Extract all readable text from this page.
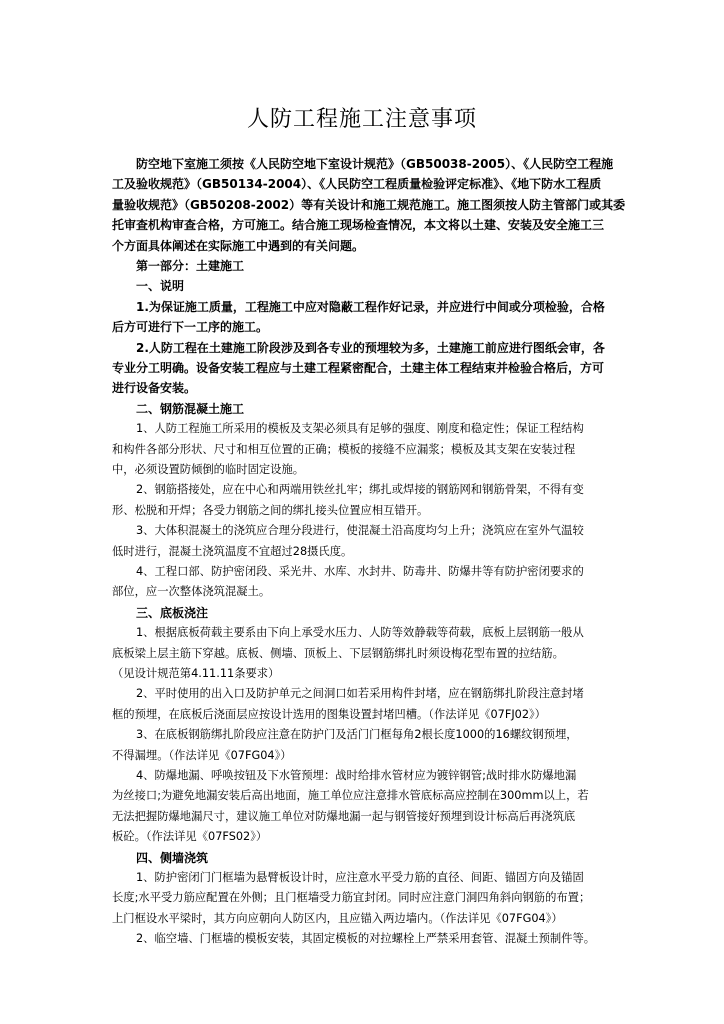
人防工程施工注意事项
防空地下室施工须按《人民防空地下室设计规范》（GB50038-2005）、《人民防空工程施
工及验收规范》（GB50134-2004）、《人民防空工程质量检验评定标准》、《地下防水工程质
量验收规范》（GB50208-2002）等有关设计和施工规范施工。施工图须按人防主管部门或其委
托审查机构审查合格，方可施工。结合施工现场检查情况，本文将以土建、安装及安全施工三
个方面具体阐述在实际施工中遇到的有关问题。
第一部分：土建施工
一、说明
1.为保证施工质量，工程施工中应对隐蔽工程作好记录，并应进行中间或分项检验，合格
后方可进行下一工序的施工。
2.人防工程在土建施工阶段涉及到各专业的预埋较为多，土建施工前应进行图纸会审，各
专业分工明确。设备安装工程应与土建工程紧密配合，土建主体工程结束并检验合格后，方可
进行设备安装。
二、钢筋混凝土施工
1、人防工程施工所采用的模板及支架必须具有足够的强度、刚度和稳定性；保证工程结构
和构件各部分形状、尺寸和相互位置的正确；模板的接缝不应漏浆；模板及其支架在安装过程
中，必须设置防倾倒的临时固定设施。
2、钢筋搭接处，应在中心和两端用铁丝扎牢；绑扎或焊接的钢筋网和钢筋骨架，不得有变
形、松脱和开焊；各受力钢筋之间的绑扎接头位置应相互错开。
3、大体积混凝土的浇筑应合理分段进行，使混凝土沿高度均匀上升；浇筑应在室外气温较
低时进行，混凝土浇筑温度不宜超过28摄氏度。
4、工程口部、防护密闭段、采光井、水库、水封井、防毒井、防爆井等有防护密闭要求的
部位，应一次整体浇筑混凝土。
三、底板浇注
1、根据底板荷载主要系由下向上承受水压力、人防等效静载等荷载，底板上层钢筋一般从
底板梁上层主筋下穿越。底板、侧墙、顶板上、下层钢筋绑扎时须设梅花型布置的拉结筋。
（见设计规范第4.11.11条要求）
2、平时使用的出入口及防护单元之间洞口如若采用构件封堵，应在钢筋绑扎阶段注意封堵
框的预埋，在底板后浇面层应按设计选用的图集设置封堵凹槽。（作法详见《07FJ02》）
3、在底板钢筋绑扎阶段应注意在防护门及活门门框每角2根长度1000的16螺纹钢预埋，
不得漏埋。（作法详见《07FG04》）
4、防爆地漏、呼唤按钮及下水管预埋：战时给排水管材应为镀锌钢管;战时排水防爆地漏
为丝接口;为避免地漏安装后高出地面，施工单位应注意排水管底标高应控制在300mm以上，若
无法把握防爆地漏尺寸，建议施工单位对防爆地漏一起与钢管接好预埋到设计标高后再浇筑底
板砼。（作法详见《07FS02》）
四、侧墙浇筑
1、防护密闭门门框墙为悬臂板设计时，应注意水平受力筋的直径、间距、锚固方向及锚固
长度;水平受力筋应配置在外侧；且门框墙受力筋宜封闭。同时应注意门洞四角斜向钢筋的布置；
上门框设水平梁时，其方向应朝向人防区内，且应锚入两边墙内。（作法详见《07FG04》）
2、临空墙、门框墙的模板安装，其固定模板的对拉螺栓上严禁采用套管、混凝土预制件等。
